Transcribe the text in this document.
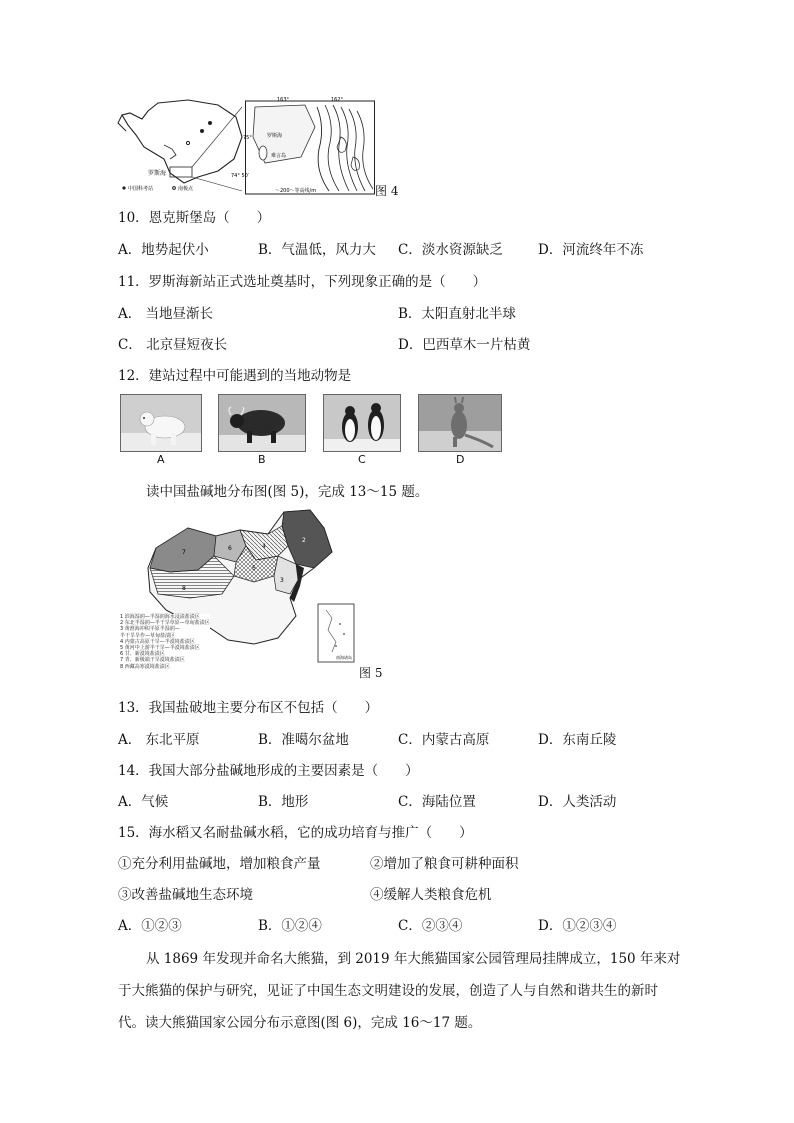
罗斯海
中国科考站	南极点
163°	162°
75°
74° 50′
罗斯海
难言岛
～200～等高线/m	图 4
10．恩克斯堡岛（　　）
A．地势起伏小	B．气温低，风力大 C．淡水资源缺乏	D．河流终年不冻
11．罗斯海新站正式选址奠基时，下列现象正确的是（　　）
A． 当地昼渐长	B．太阳直射北半球
C． 北京昼短夜长	D．巴西草木一片枯黄
12．建站过程中可能遇到的当地动物是
A	B	C	D
读中国盐碱地分布图(图 5)，完成 13～15 题。
2
7
6	4
5
3
8
南海诸岛
1 滨海湿润—半湿润海水浸渍盐渍区
2 东北半湿润—半干旱草原—草甸盐渍区
3 黄淮海冲积平原半湿润—
半干旱旱作—草甸盐渍区
4 内蒙古高原干旱—半漠境盐渍区
5 黄河中上游半干旱—半漠境盐渍区
6 甘、新漠境盐渍区
7 青、新极端干旱漠境盐渍区
8 西藏高寒漠境盐渍区	图 5
13．我国盐破地主要分布区不包括（　　）
A． 东北平原	B．准噶尔盆地	C．内蒙古高原	D．东南丘陵
14．我国大部分盐碱地形成的主要因素是（　　）
A．气候	B．地形	C．海陆位置	D．人类活动
15．海水稻又名耐盐碱水稻，它的成功培育与推广（　　）
①充分利用盐碱地，增加粮食产量	②增加了粮食可耕种面积
③改善盐碱地生态环境	④缓解人类粮食危机
A．①②③	B．①②④	C．②③④	D．①②③④
从 1869 年发现并命名大熊猫，到 2019 年大熊猫国家公园管理局挂牌成立，150 年来对
于大熊猫的保护与研究，见证了中国生态文明建设的发展，创造了人与自然和谐共生的新时
代。读大熊猫国家公园分布示意图(图 6)，完成 16～17 题。
